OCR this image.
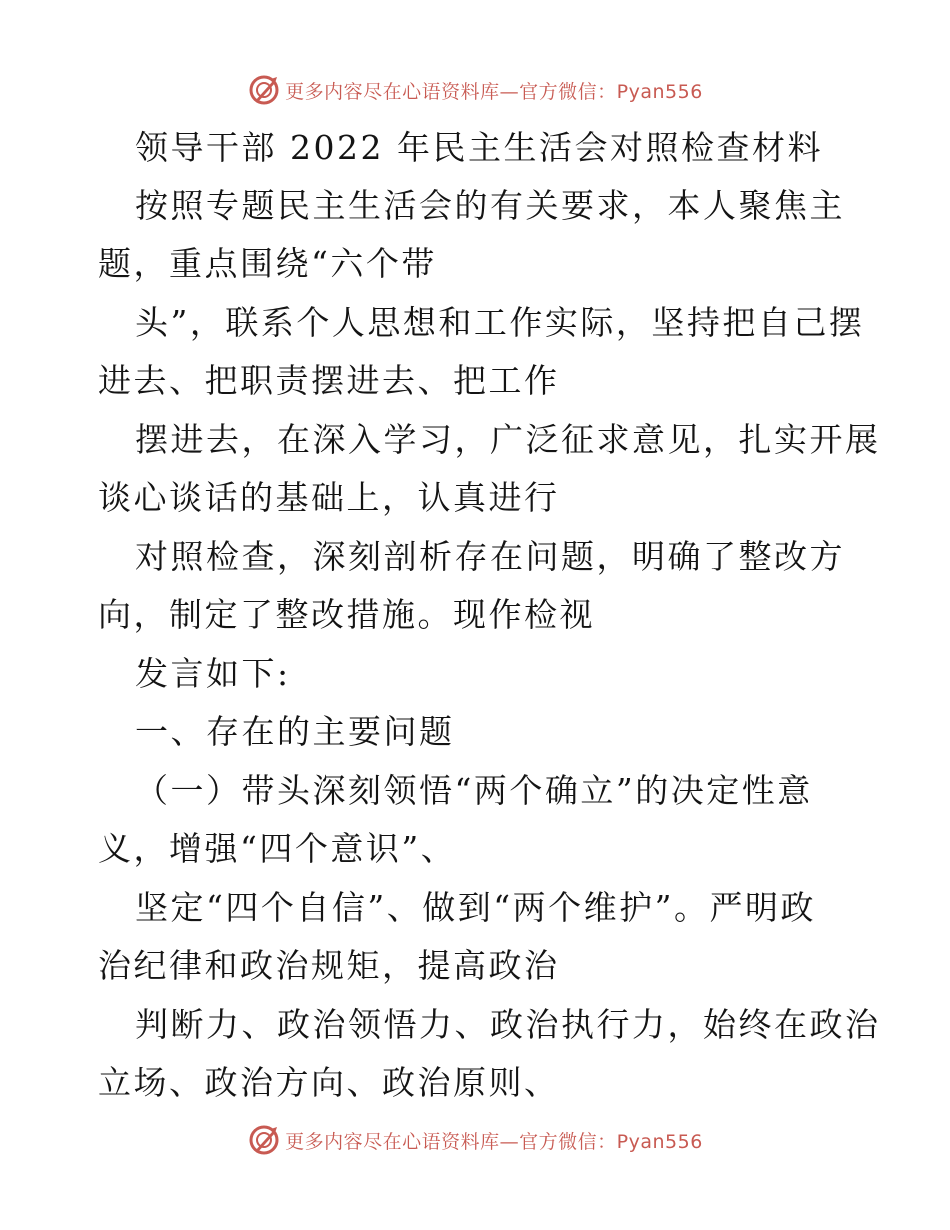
更多内容尽在心语资料库—官方微信：Pyan556
领导干部 2022 年民主生活会对照检查材料
按照专题民主生活会的有关要求，本人聚焦主
题，重点围绕“六个带
头”，联系个人思想和工作实际，坚持把自己摆
进去、把职责摆进去、把工作
摆进去，在深入学习，广泛征求意见，扎实开展
谈心谈话的基础上，认真进行
对照检查，深刻剖析存在问题，明确了整改方
向，制定了整改措施。现作检视
发言如下:
一、存在的主要问题
（一）带头深刻领悟“两个确立”的决定性意
义，增强“四个意识”、
坚定“四个自信”、做到“两个维护”。严明政
治纪律和政治规矩，提高政治
判断力、政治领悟力、政治执行力，始终在政治
立场、政治方向、政治原则、
更多内容尽在心语资料库—官方微信：Pyan556
